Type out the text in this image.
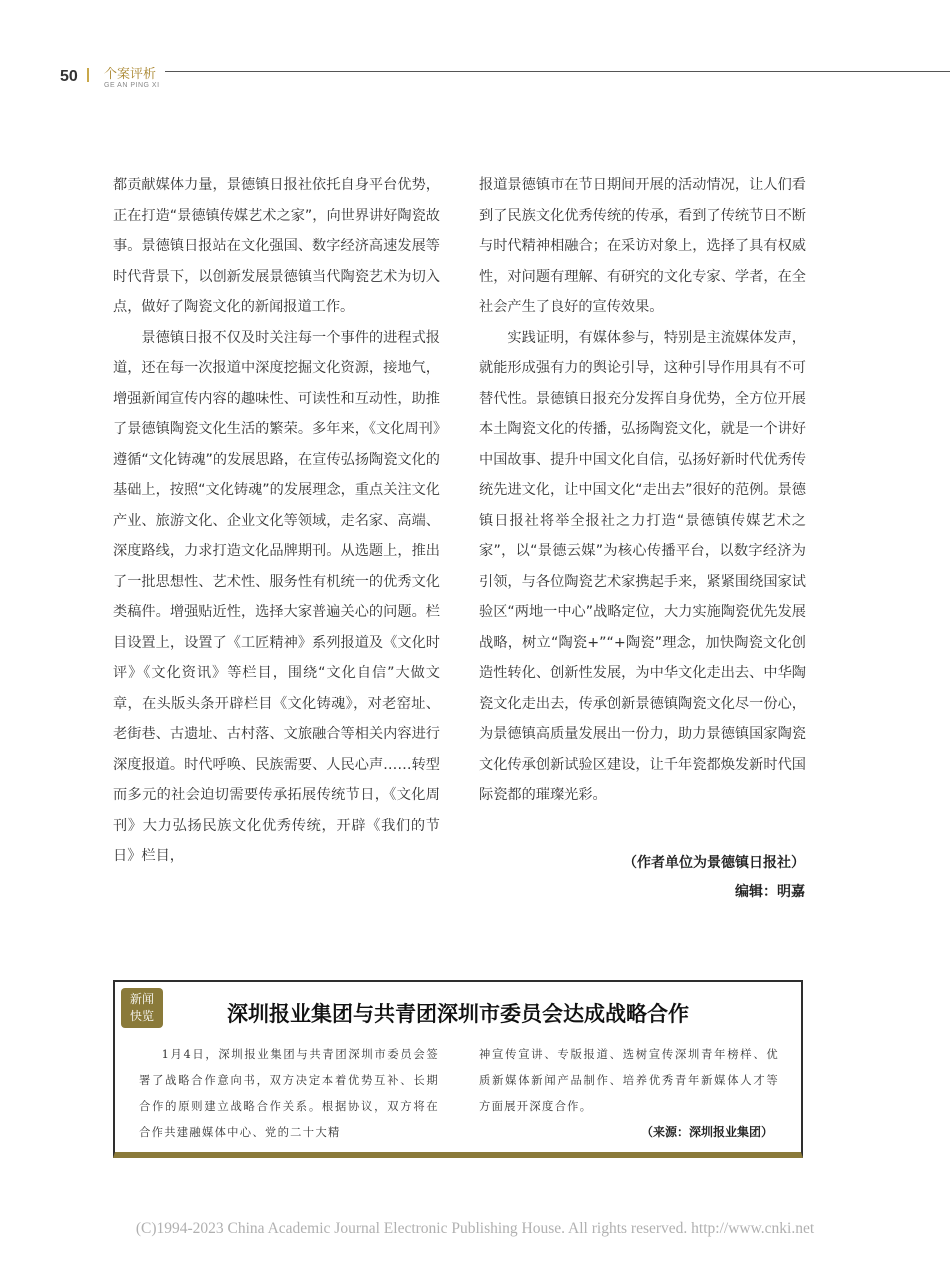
50 个案评析
GE AN PING XI

都贡献媒体力量，景德镇日报社依托自身平台优势，正在打造“景德镇传媒艺术之家”，向世界讲好陶瓷故事。景德镇日报站在文化强国、数字经济高速发展等时代背景下，以创新发展景德镇当代陶瓷艺术为切入点，做好了陶瓷文化的新闻报道工作。

景德镇日报不仅及时关注每一个事件的进程式报道，还在每一次报道中深度挖掘文化资源，接地气，增强新闻宣传内容的趣味性、可读性和互动性，助推了景德镇陶瓷文化生活的繁荣。多年来，《文化周刊》遵循“文化铸魂”的发展思路，在宣传弘扬陶瓷文化的基础上，按照“文化铸魂”的发展理念，重点关注文化产业、旅游文化、企业文化等领域，走名家、高端、深度路线，力求打造文化品牌期刊。从选题上，推出了一批思想性、艺术性、服务性有机统一的优秀文化类稿件。增强贴近性，选择大家普遍关心的问题。栏目设置上，设置了《工匠精神》系列报道及《文化时评》《文化资讯》等栏目，围绕“文化自信”大做文章，在头版头条开辟栏目《文化铸魂》，对老窑址、老街巷、古遗址、古村落、文旅融合等相关内容进行深度报道。时代呼唤、民族需要、人民心声……转型而多元的社会迫切需要传承拓展传统节日，《文化周刊》大力弘扬民族文化优秀传统，开辟《我们的节日》栏目，

报道景德镇市在节日期间开展的活动情况，让人们看到了民族文化优秀传统的传承，看到了传统节日不断与时代精神相融合；在采访对象上，选择了具有权威性，对问题有理解、有研究的文化专家、学者，在全社会产生了良好的宣传效果。

实践证明，有媒体参与，特别是主流媒体发声，就能形成强有力的舆论引导，这种引导作用具有不可替代性。景德镇日报充分发挥自身优势，全方位开展本土陶瓷文化的传播，弘扬陶瓷文化，就是一个讲好中国故事、提升中国文化自信，弘扬好新时代优秀传统先进文化，让中国文化“走出去”很好的范例。景德镇日报社将举全报社之力打造“景德镇传媒艺术之家”，以“景德云媒”为核心传播平台，以数字经济为引领，与各位陶瓷艺术家携起手来，紧紧围绕国家试验区“两地一中心”战略定位，大力实施陶瓷优先发展战略，树立“陶瓷+”“+陶瓷”理念，加快陶瓷文化创造性转化、创新性发展，为中华文化走出去、中华陶瓷文化走出去，传承创新景德镇陶瓷文化尽一份心，为景德镇高质量发展出一份力，助力景德镇国家陶瓷文化传承创新试验区建设，让千年瓷都焕发新时代国际瓷都的璀璨光彩。

（作者单位为景德镇日报社）
编辑：明嘉
新闻
快览	深圳报业集团与共青团深圳市委员会达成战略合作

1月4日，深圳报业集团与共青团深圳市委员会签署了战略合作意向书，双方决定本着优势互补、长期合作的原则建立战略合作关系。根据协议，双方将在合作共建融媒体中心、党的二十大精

神宣传宣讲、专版报道、选树宣传深圳青年榜样、优质新媒体新闻产品制作、培养优秀青年新媒体人才等方面展开深度合作。

（来源：深圳报业集团）
(C)1994-2023 China Academic Journal Electronic Publishing House. All rights reserved. http://www.cnki.net
